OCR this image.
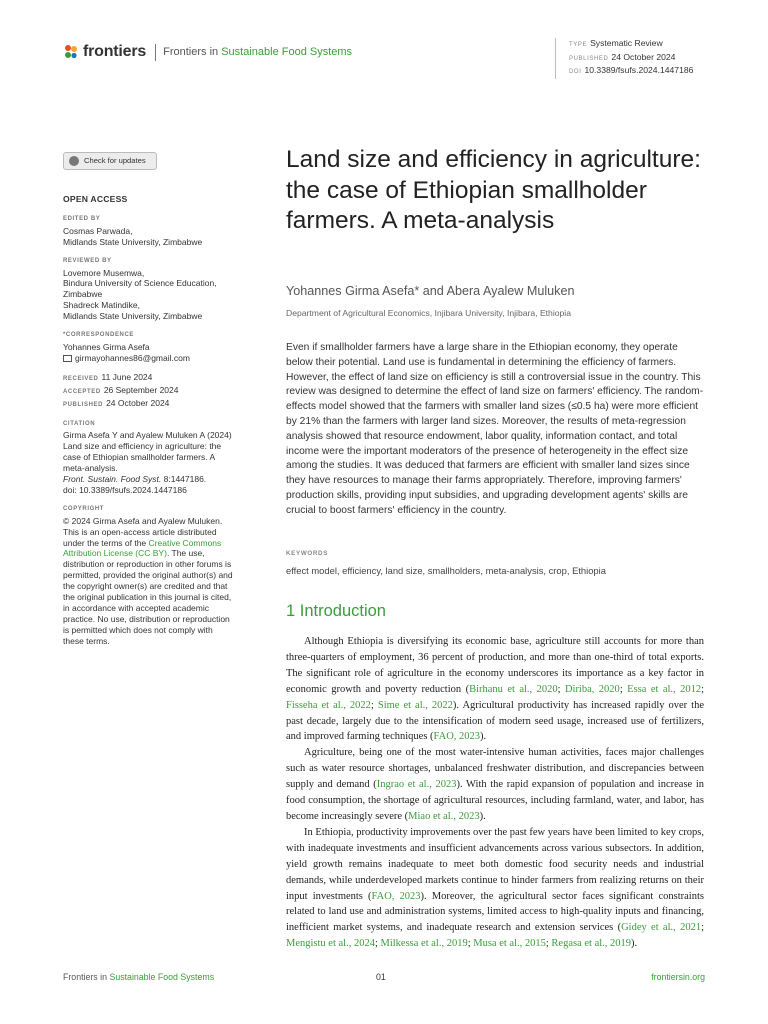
frontiers Frontiers in Sustainable Food Systems
TYPE Systematic Review
PUBLISHED 24 October 2024
DOI 10.3389/fsufs.2024.1447186
Check for updates
OPEN ACCESS
EDITED BY
Cosmas Parwada,
Midlands State University, Zimbabwe
REVIEWED BY
Lovemore Musemwa,
Bindura University of Science Education,
Zimbabwe
Shadreck Matindike,
Midlands State University, Zimbabwe
*CORRESPONDENCE
Yohannes Girma Asefa
girmayohannes86@gmail.com
RECEIVED 11 June 2024
ACCEPTED 26 September 2024
PUBLISHED 24 October 2024
CITATION
Girma Asefa Y and Ayalew Muluken A (2024)
Land size and efficiency in agriculture: the
case of Ethiopian smallholder farmers. A
meta-analysis.
Front. Sustain. Food Syst. 8:1447186.
doi: 10.3389/fsufs.2024.1447186
COPYRIGHT
© 2024 Girma Asefa and Ayalew Muluken.
This is an open-access article distributed
under the terms of the Creative Commons
Attribution License (CC BY). The use,
distribution or reproduction in other forums is
permitted, provided the original author(s) and
the copyright owner(s) are credited and that
the original publication in this journal is cited,
in accordance with accepted academic
practice. No use, distribution or reproduction
is permitted which does not comply with
these terms.
Land size and efficiency in agriculture: the case of Ethiopian smallholder farmers. A meta-analysis
Yohannes Girma Asefa* and Abera Ayalew Muluken
Department of Agricultural Economics, Injibara University, Injibara, Ethiopia

Even if smallholder farmers have a large share in the Ethiopian economy, they operate below their potential. Land use is fundamental in determining the efficiency of farmers. However, the effect of land size on efficiency is still a controversial issue in the country. This review was designed to determine the effect of land size on farmers' efficiency. The random-effects model showed that the farmers with smaller land sizes (≤0.5 ha) were more efficient by 21% than the farmers with larger land sizes. Moreover, the results of meta-regression analysis showed that resource endowment, labor quality, information contact, and total income were the important moderators of the presence of heterogeneity in the effect size among the studies. It was deduced that farmers are efficient with smaller land sizes since they have resources to manage their farms appropriately. Therefore, improving farmers' production skills, providing input subsidies, and upgrading development agents' skills are crucial to boost farmers' efficiency in the country.

KEYWORDS
effect model, efficiency, land size, smallholders, meta-analysis, crop, Ethiopia
1 Introduction

Although Ethiopia is diversifying its economic base, agriculture still accounts for more than three-quarters of employment, 36 percent of production, and more than one-third of total exports. The significant role of agriculture in the economy underscores its importance as a key factor in economic growth and poverty reduction (Birhanu et al., 2020; Diriba, 2020; Essa et al., 2012; Fisseha et al., 2022; Sime et al., 2022). Agricultural productivity has increased rapidly over the past decade, largely due to the intensification of modern seed usage, increased use of fertilizers, and improved farming techniques (FAO, 2023).

Agriculture, being one of the most water-intensive human activities, faces major challenges such as water resource shortages, unbalanced freshwater distribution, and discrepancies between supply and demand (Ingrao et al., 2023). With the rapid expansion of population and increase in food consumption, the shortage of agricultural resources, including farmland, water, and labor, has become increasingly severe (Miao et al., 2023).

In Ethiopia, productivity improvements over the past few years have been limited to key crops, with inadequate investments and insufficient advancements across various subsectors. In addition, yield growth remains inadequate to meet both domestic food security needs and industrial demands, while underdeveloped markets continue to hinder farmers from realizing returns on their input investments (FAO, 2023). Moreover, the agricultural sector faces significant constraints related to land use and administration systems, limited access to high-quality inputs and financing, inefficient market systems, and inadequate research and extension services (Gidey et al., 2021; Mengistu et al., 2024; Milkessa et al., 2019; Musa et al., 2015; Regasa et al., 2019).

Frontiers in Sustainable Food Systems	01	frontiersin.org
